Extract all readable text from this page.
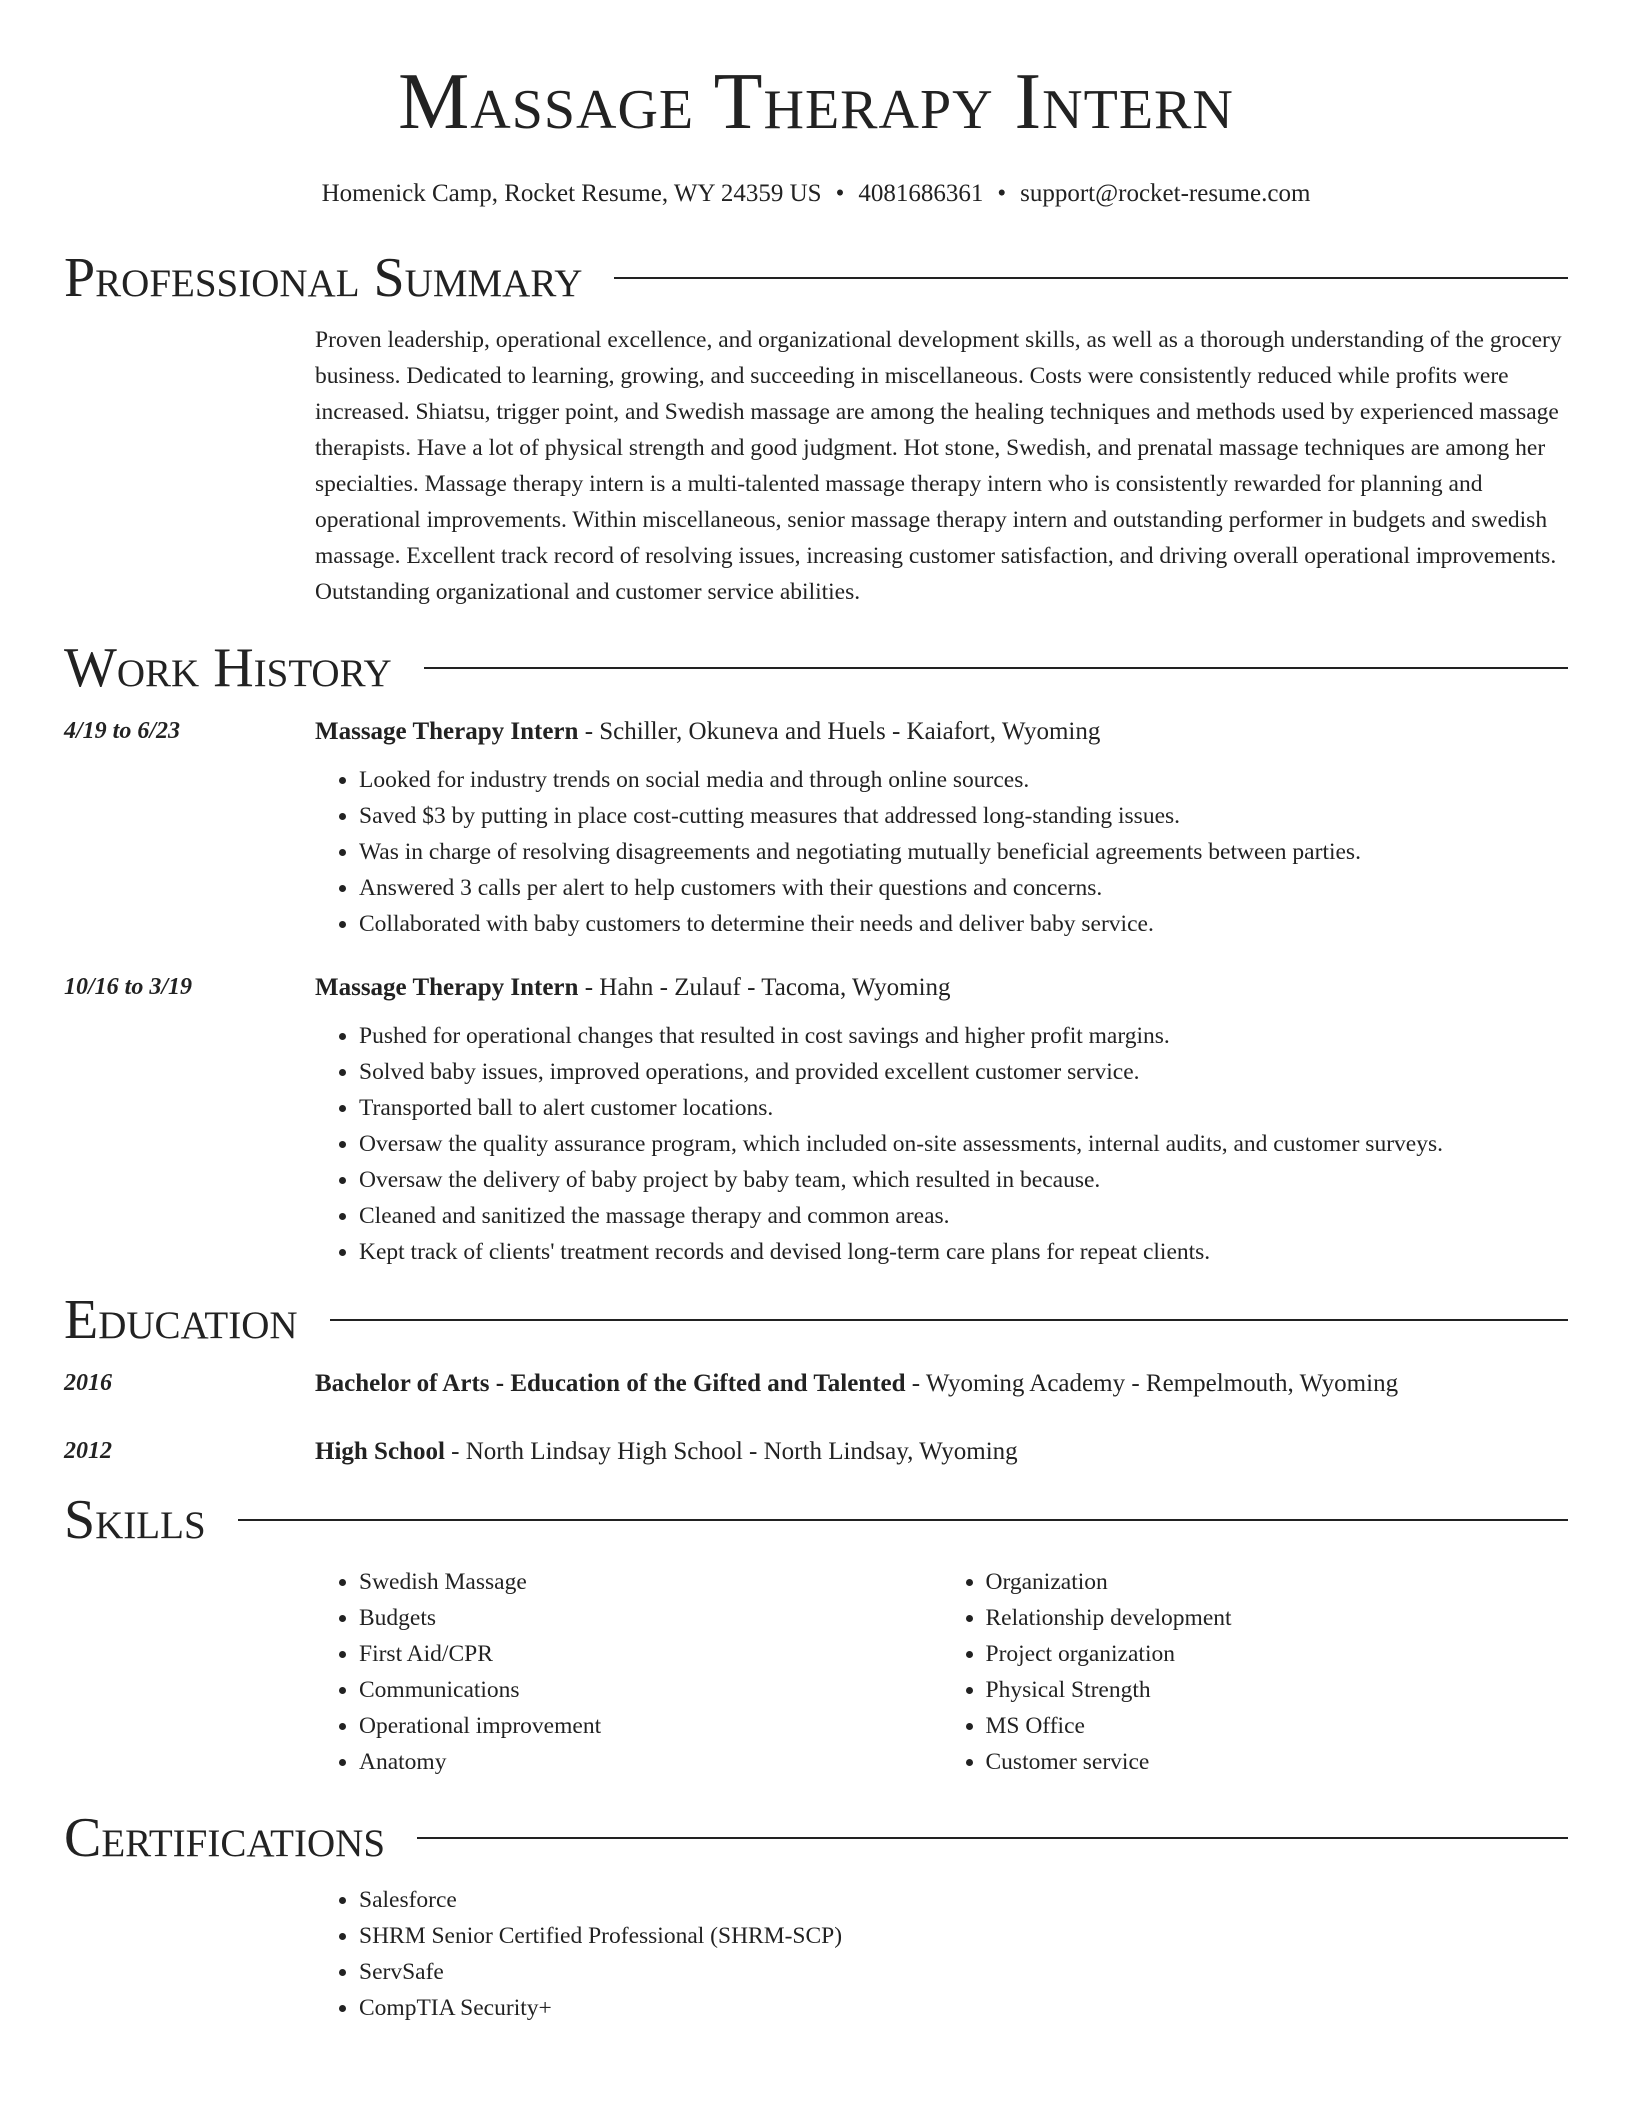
Massage Therapy Intern
Homenick Camp, Rocket Resume, WY 24359 US • 4081686361 • support@rocket-resume.com
Professional Summary

Proven leadership, operational excellence, and organizational development skills, as well as a thorough understanding of the grocery business. Dedicated to learning, growing, and succeeding in miscellaneous. Costs were consistently reduced while profits were increased. Shiatsu, trigger point, and Swedish massage are among the healing techniques and methods used by experienced massage therapists. Have a lot of physical strength and good judgment. Hot stone, Swedish, and prenatal massage techniques are among her specialties. Massage therapy intern is a multi-talented massage therapy intern who is consistently rewarded for planning and operational improvements. Within miscellaneous, senior massage therapy intern and outstanding performer in budgets and swedish massage. Excellent track record of resolving issues, increasing customer satisfaction, and driving overall operational improvements. Outstanding organizational and customer service abilities.

Work History
4/19 to 6/23	Massage Therapy Intern - Schiller, Okuneva and Huels - Kaiafort, Wyoming
• Looked for industry trends on social media and through online sources.
• Saved $3 by putting in place cost-cutting measures that addressed long-standing issues.
• Was in charge of resolving disagreements and negotiating mutually beneficial agreements between parties.
• Answered 3 calls per alert to help customers with their questions and concerns.
• Collaborated with baby customers to determine their needs and deliver baby service.
10/16 to 3/19	Massage Therapy Intern - Hahn - Zulauf - Tacoma, Wyoming
• Pushed for operational changes that resulted in cost savings and higher profit margins.
• Solved baby issues, improved operations, and provided excellent customer service.
• Transported ball to alert customer locations.
• Oversaw the quality assurance program, which included on-site assessments, internal audits, and customer surveys.
• Oversaw the delivery of baby project by baby team, which resulted in because.
• Cleaned and sanitized the massage therapy and common areas.
• Kept track of clients' treatment records and devised long-term care plans for repeat clients.
Education
2016	Bachelor of Arts - Education of the Gifted and Talented - Wyoming Academy - Rempelmouth, Wyoming
2012	High School - North Lindsay High School - North Lindsay, Wyoming
Skills
• Swedish Massage
• Budgets
• First Aid/CPR
• Communications
• Operational improvement
• Anatomy
• Organization
• Relationship development
• Project organization
• Physical Strength
• MS Office
• Customer service
Certifications
• Salesforce
• SHRM Senior Certified Professional (SHRM-SCP)
• ServSafe
• CompTIA Security+
